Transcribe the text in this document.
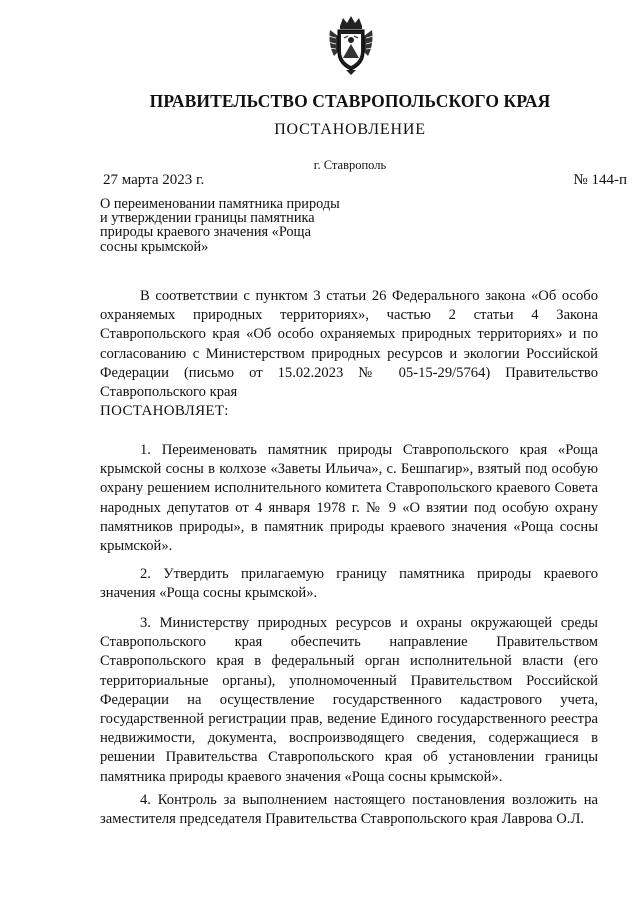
ПРАВИТЕЛЬСТВО СТАВРОПОЛЬСКОГО КРАЯ
ПОСТАНОВЛЕНИЕ
г. Ставрополь
27 марта 2023 г.	№ 144-п
О переименовании памятника природы и утверждении границы памятника природы краевого значения «Роща сосны крымской»
В соответствии с пунктом 3 статьи 26 Федерального закона «Об особо охраняемых природных территориях», частью 2 статьи 4 Закона Ставропольского края «Об особо охраняемых природных территориях» и по согласованию с Министерством природных ресурсов и экологии Российской Федерации (письмо от 15.02.2023 № 05-15-29/5764) Правительство Ставропольского края
ПОСТАНОВЛЯЕТ:
1. Переименовать памятник природы Ставропольского края «Роща крымской сосны в колхозе «Заветы Ильича», с. Бешпагир», взятый под особую охрану решением исполнительного комитета Ставропольского краевого Совета народных депутатов от 4 января 1978 г. № 9 «О взятии под особую охрану памятников природы», в памятник природы краевого значения «Роща сосны крымской».
2. Утвердить прилагаемую границу памятника природы краевого значения «Роща сосны крымской».
3. Министерству природных ресурсов и охраны окружающей среды Ставропольского края обеспечить направление Правительством Ставропольского края в федеральный орган исполнительной власти (его территориальные органы), уполномоченный Правительством Российской Федерации на осуществление государственного кадастрового учета, государственной регистрации прав, ведение Единого государственного реестра недвижимости, документа, воспроизводящего сведения, содержащиеся в решении Правительства Ставропольского края об установлении границы памятника природы краевого значения «Роща сосны крымской».
4. Контроль за выполнением настоящего постановления возложить на заместителя председателя Правительства Ставропольского края Лаврова О.Л.
